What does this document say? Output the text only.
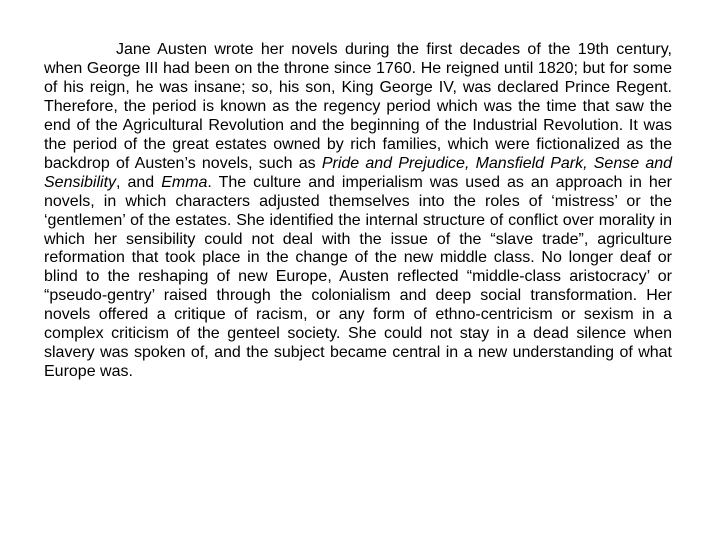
Jane Austen wrote her novels during the first decades of the 19th century, when George III had been on the throne since 1760. He reigned until 1820; but for some of his reign, he was insane; so, his son, King George IV, was declared Prince Regent. Therefore, the period is known as the regency period which was the time that saw the end of the Agricultural Revolution and the beginning of the Industrial Revolution. It was the period of the great estates owned by rich families, which were fictionalized as the backdrop of Austen’s novels, such as Pride and Prejudice, Mansfield Park, Sense and Sensibility, and Emma. The culture and imperialism was used as an approach in her novels, in which characters adjusted themselves into the roles of ‘mistress’ or the ‘gentlemen’ of the estates. She identified the internal structure of conflict over morality in which her sensibility could not deal with the issue of the “slave trade”, agriculture reformation that took place in the change of the new middle class. No longer deaf or blind to the reshaping of new Europe, Austen reflected “middle-class aristocracy’ or “pseudo-gentry’ raised through the colonialism and deep social transformation. Her novels offered a critique of racism, or any form of ethno-centricism or sexism in a complex criticism of the genteel society. She could not stay in a dead silence when slavery was spoken of, and the subject became central in a new understanding of what Europe was.
